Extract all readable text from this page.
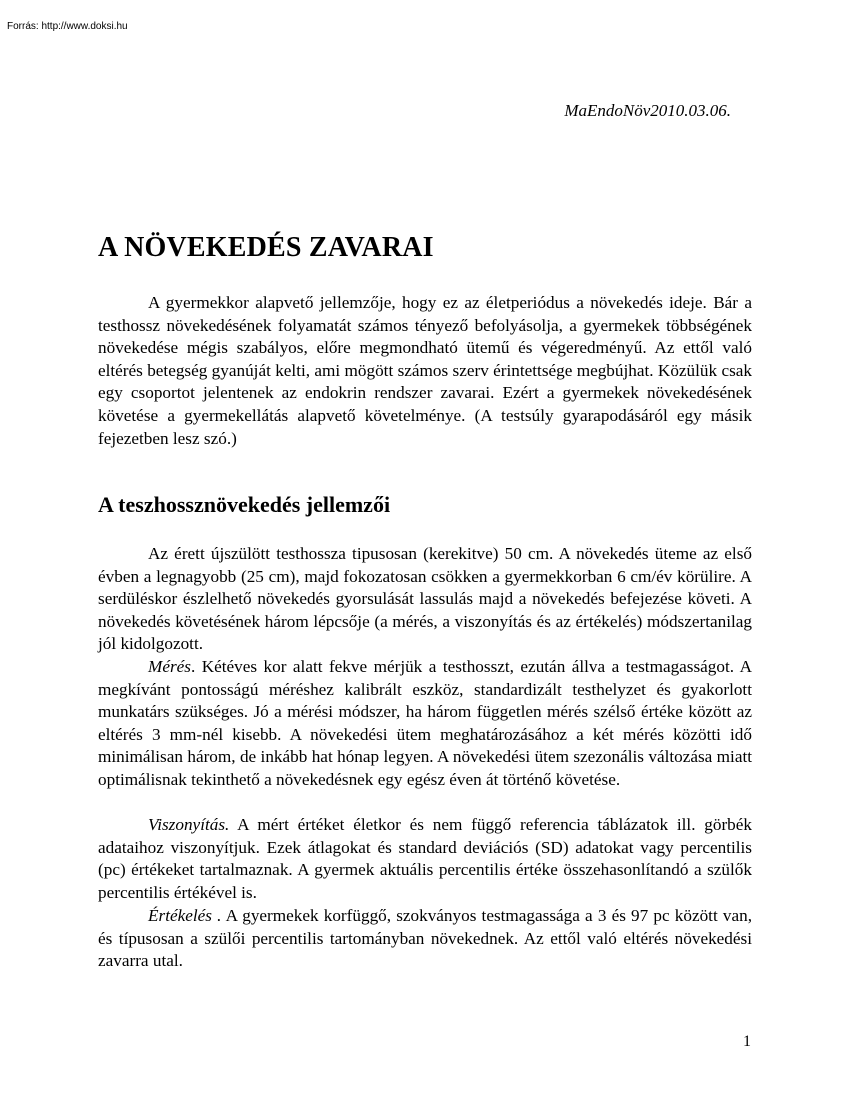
Forrás: http://www.doksi.hu
MaEndoNöv2010.03.06.
A NÖVEKEDÉS ZAVARAI

A gyermekkor alapvető jellemzője, hogy ez az életperiódus a növekedés ideje. Bár a testhossz növekedésének folyamatát számos tényező befolyásolja, a gyermekek többségének növekedése mégis szabályos, előre megmondható ütemű és végeredményű. Az ettől való eltérés betegség gyanúját kelti, ami mögött számos szerv érintettsége megbújhat. Közülük csak egy csoportot jelentenek az endokrin rendszer zavarai. Ezért a gyermekek növekedésének követése a gyermekellátás alapvető követelménye. (A testsúly gyarapodásáról egy másik fejezetben lesz szó.)

A teszhossznövekedés jellemzői

Az érett újszülött testhossza tipusosan (kerekitve) 50 cm. A növekedés üteme az első évben a legnagyobb (25 cm), majd fokozatosan csökken a gyermekkorban 6 cm/év körülire. A serdüléskor észlelhető növekedés gyorsulását lassulás majd a növekedés befejezése követi. A növekedés követésének három lépcsője (a mérés, a viszonyítás és az értékelés) módszertanilag jól kidolgozott.

Mérés. Kétéves kor alatt fekve mérjük a testhosszt, ezután állva a testmagasságot. A megkívánt pontosságú méréshez kalibrált eszköz, standardizált testhelyzet és gyakorlott munkatárs szükséges. Jó a mérési módszer, ha három független mérés szélső értéke között az eltérés 3 mm-nél kisebb. A növekedési ütem meghatározásához a két mérés közötti idő minimálisan három, de inkább hat hónap legyen. A növekedési ütem szezonális változása miatt optimálisnak tekinthető a növekedésnek egy egész éven át történő követése.

Viszonyítás. A mért értéket életkor és nem függő referencia táblázatok ill. görbék adataihoz viszonyítjuk. Ezek átlagokat és standard deviációs (SD) adatokat vagy percentilis (pc) értékeket tartalmaznak. A gyermek aktuális percentilis értéke összehasonlítandó a szülők percentilis értékével is.

Értékelés . A gyermekek korfüggő, szokványos testmagassága a 3 és 97 pc között van, és típusosan a szülői percentilis tartományban növekednek. Az ettől való eltérés növekedési zavarra utal.

1
